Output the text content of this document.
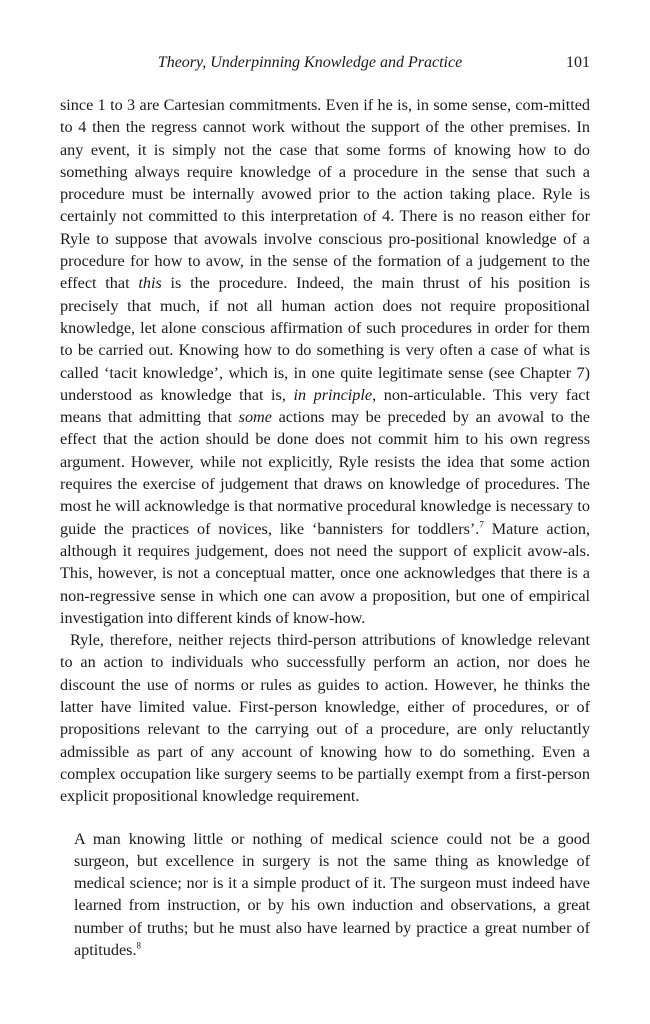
Theory, Underpinning Knowledge and Practice	101

since 1 to 3 are Cartesian commitments. Even if he is, in some sense, com-mitted to 4 then the regress cannot work without the support of the other premises. In any event, it is simply not the case that some forms of knowing how to do something always require knowledge of a procedure in the sense that such a procedure must be internally avowed prior to the action taking place. Ryle is certainly not committed to this interpretation of 4. There is no reason either for Ryle to suppose that avowals involve conscious pro-positional knowledge of a procedure for how to avow, in the sense of the formation of a judgement to the effect that this is the procedure. Indeed, the main thrust of his position is precisely that much, if not all human action does not require propositional knowledge, let alone conscious affirmation of such procedures in order for them to be carried out. Knowing how to do something is very often a case of what is called ‘tacit knowledge’, which is, in one quite legitimate sense (see Chapter 7) understood as knowledge that is, in principle, non-articulable. This very fact means that admitting that some actions may be preceded by an avowal to the effect that the action should be done does not commit him to his own regress argument. However, while not explicitly, Ryle resists the idea that some action requires the exercise of judgement that draws on knowledge of procedures. The most he will acknowledge is that normative procedural knowledge is necessary to guide the practices of novices, like ‘bannisters for toddlers’.$^7$ Mature action, although it requires judgement, does not need the support of explicit avow-als. This, however, is not a conceptual matter, once one acknowledges that there is a non-regressive sense in which one can avow a proposition, but one of empirical investigation into different kinds of know-how.

Ryle, therefore, neither rejects third-person attributions of knowledge relevant to an action to individuals who successfully perform an action, nor does he discount the use of norms or rules as guides to action. However, he thinks the latter have limited value. First-person knowledge, either of procedures, or of propositions relevant to the carrying out of a procedure, are only reluctantly admissible as part of any account of knowing how to do something. Even a complex occupation like surgery seems to be partially exempt from a first-person explicit propositional knowledge requirement.

A man knowing little or nothing of medical science could not be a good surgeon, but excellence in surgery is not the same thing as knowledge of medical science; nor is it a simple product of it. The surgeon must indeed have learned from instruction, or by his own induction and observations, a great number of truths; but he must also have learned by practice a great number of aptitudes.$^8$
